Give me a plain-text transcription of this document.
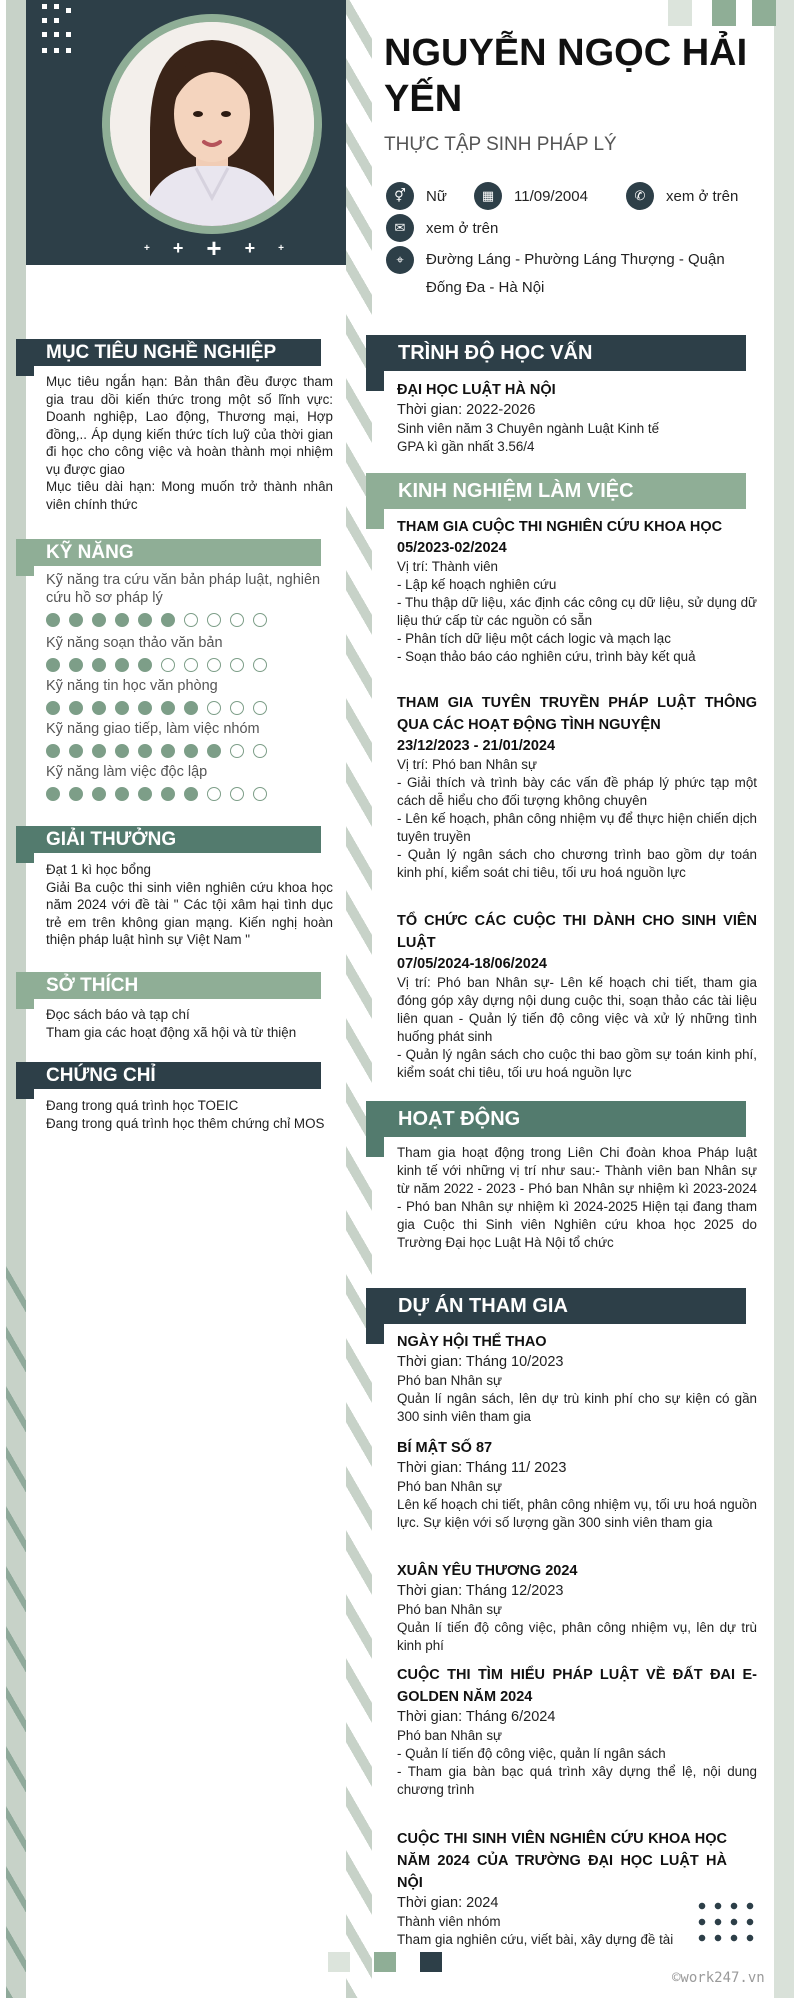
+ + + + +
NGUYỄN NGỌC HẢI YẾN
THỰC TẬP SINH PHÁP LÝ
⚥	Nữ	▦	11/09/2004	✆	xem ở trên
✉	xem ở trên
⌖	Đường Láng - Phường Láng Thượng - Quận Đống Đa - Hà Nội
MỤC TIÊU NGHỀ NGHIỆP
Mục tiêu ngắn hạn: Bản thân đều được tham gia trau dồi kiến thức trong một số lĩnh vực: Doanh nghiệp, Lao động, Thương mại, Hợp đồng,.. Áp dụng kiến thức tích luỹ của thời gian đi học cho công việc và hoàn thành mọi nhiệm vụ được giao
Mục tiêu dài hạn: Mong muốn trở thành nhân viên chính thức
KỸ NĂNG
Kỹ năng tra cứu văn bản pháp luật, nghiên cứu hồ sơ pháp lý
Kỹ năng soạn thảo văn bản
Kỹ năng tin học văn phòng
Kỹ năng giao tiếp, làm việc nhóm
Kỹ năng làm việc độc lập
GIẢI THƯỞNG
Đạt 1 kì học bổng
Giải Ba cuộc thi sinh viên nghiên cứu khoa học năm 2024 với đề tài " Các tội xâm hại tình dục trẻ em trên không gian mạng. Kiến nghị hoàn thiện pháp luật hình sự Việt Nam "
SỞ THÍCH
Đọc sách báo và tạp chí
Tham gia các hoạt động xã hội và từ thiện
CHỨNG CHỈ
Đang trong quá trình học TOEIC
Đang trong quá trình học thêm chứng chỉ MOS
TRÌNH ĐỘ HỌC VẤN
ĐẠI HỌC LUẬT HÀ NỘI
Thời gian: 2022-2026
Sinh viên năm 3 Chuyên ngành Luật Kinh tế
GPA kì gần nhất 3.56/4
KINH NGHIỆM LÀM VIỆC
THAM GIA CUỘC THI NGHIÊN CỨU KHOA HỌC
05/2023-02/2024
Vị trí: Thành viên
- Lập kế hoạch nghiên cứu
- Thu thập dữ liệu, xác định các công cụ dữ liệu, sử dụng dữ liệu thứ cấp từ các nguồn có sẵn
- Phân tích dữ liệu một cách logic và mạch lạc
- Soạn thảo báo cáo nghiên cứu, trình bày kết quả
THAM GIA TUYÊN TRUYỀN PHÁP LUẬT THÔNG QUA CÁC HOẠT ĐỘNG TÌNH NGUYỆN
23/12/2023 - 21/01/2024
Vị trí: Phó ban Nhân sự
- Giải thích và trình bày các vấn đề pháp lý phức tạp một cách dễ hiểu cho đối tượng không chuyên
- Lên kế hoạch, phân công nhiệm vụ để thực hiện chiến dịch tuyên truyền
- Quản lý ngân sách cho chương trình bao gồm dự toán kinh phí, kiểm soát chi tiêu, tối ưu hoá nguồn lực
TỔ CHỨC CÁC CUỘC THI DÀNH CHO SINH VIÊN LUẬT
07/05/2024-18/06/2024
Vị trí: Phó ban Nhân sự- Lên kế hoạch chi tiết, tham gia đóng góp xây dựng nội dung cuộc thi, soạn thảo các tài liệu liên quan - Quản lý tiến độ công việc và xử lý những tình huống phát sinh
- Quản lý ngân sách cho cuộc thi bao gồm sự toán kinh phí, kiểm soát chi tiêu, tối ưu hoá nguồn lực
HOẠT ĐỘNG
Tham gia hoạt động trong Liên Chi đoàn khoa Pháp luật kinh tế với những vị trí như sau:- Thành viên ban Nhân sự từ năm 2022 - 2023 - Phó ban Nhân sự nhiệm kì 2023-2024 - Phó ban Nhân sự nhiệm kì 2024-2025 Hiện tại đang tham gia Cuộc thi Sinh viên Nghiên cứu khoa học 2025 do Trường Đại học Luật Hà Nội tổ chức
DỰ ÁN THAM GIA
NGÀY HỘI THỂ THAO
Thời gian: Tháng 10/2023
Phó ban Nhân sự
Quản lí ngân sách, lên dự trù kinh phí cho sự kiện có gần 300 sinh viên tham gia
BÍ MẬT SỐ 87
Thời gian: Tháng 11/ 2023
Phó ban Nhân sự
Lên kế hoạch chi tiết, phân công nhiệm vụ, tối ưu hoá nguồn lực. Sự kiện với số lượng gần 300 sinh viên tham gia
XUÂN YÊU THƯƠNG 2024
Thời gian: Tháng 12/2023
Phó ban Nhân sự
Quản lí tiến độ công việc, phân công nhiệm vụ, lên dự trù kinh phí
CUỘC THI TÌM HIỂU PHÁP LUẬT VỀ ĐẤT ĐAI E-GOLDEN NĂM 2024
Thời gian: Tháng 6/2024
Phó ban Nhân sự
- Quản lí tiến độ công việc, quản lí ngân sách
- Tham gia bàn bạc quá trình xây dựng thể lệ, nội dung chương trình
CUỘC THI SINH VIÊN NGHIÊN CỨU KHOA HỌC NĂM 2024 CỦA TRƯỜNG ĐẠI HỌC LUẬT HÀ NỘI
Thời gian: 2024
Thành viên nhóm
Tham gia nghiên cứu, viết bài, xây dựng đề tài
©work247.vn
